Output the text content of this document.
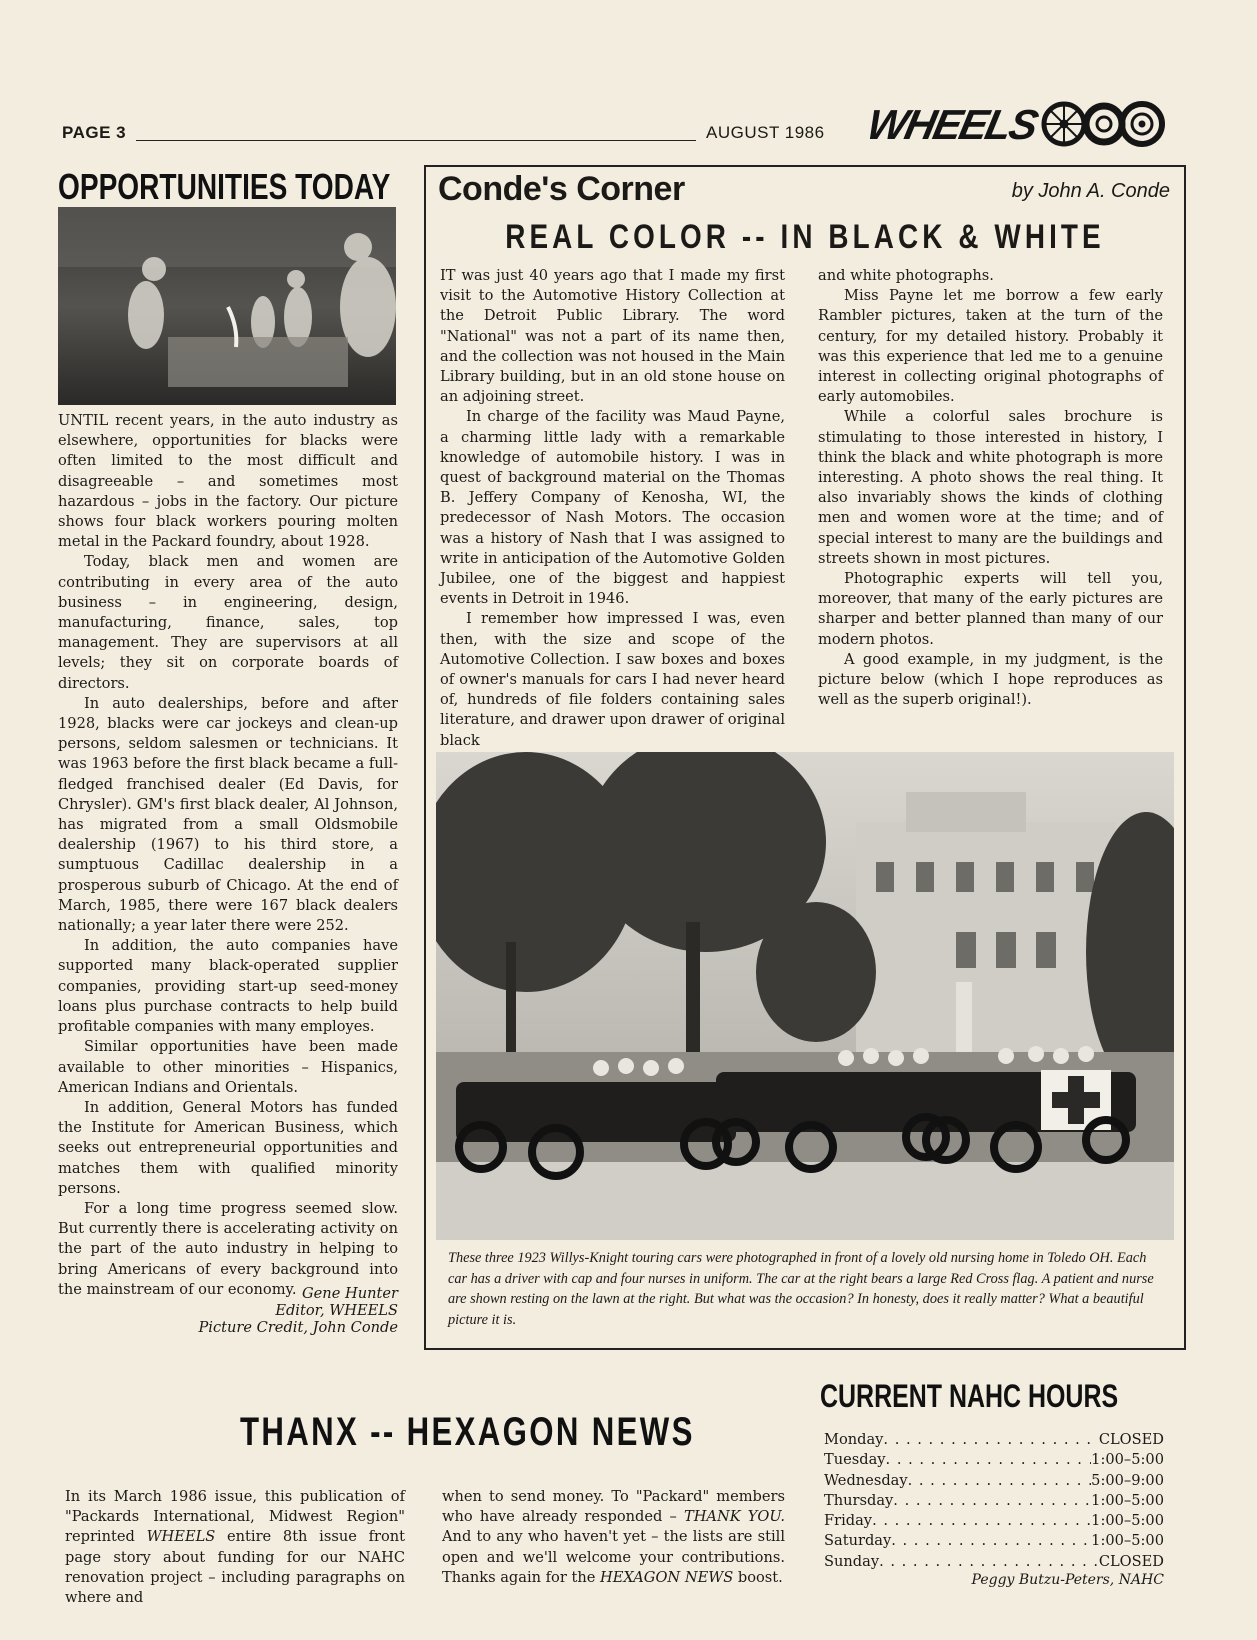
PAGE 3	AUGUST 1986 WHEELS
OPPORTUNITIES TODAY

UNTIL recent years, in the auto industry as elsewhere, opportunities for blacks were often limited to the most difficult and disagreeable – and sometimes most hazardous – jobs in the factory. Our picture shows four black workers pouring molten metal in the Packard foundry, about 1928.

Today, black men and women are contributing in every area of the auto business – in engineering, design, manufacturing, finance, sales, top management. They are supervisors at all levels; they sit on corporate boards of directors.

In auto dealerships, before and after 1928, blacks were car jockeys and clean-up persons, seldom salesmen or technicians. It was 1963 before the first black became a full-fledged franchised dealer (Ed Davis, for Chrysler). GM's first black dealer, Al Johnson, has migrated from a small Oldsmobile dealership (1967) to his third store, a sumptuous Cadillac dealership in a prosperous suburb of Chicago. At the end of March, 1985, there were 167 black dealers nationally; a year later there were 252.

In addition, the auto companies have supported many black-operated supplier companies, providing start-up seed-money loans plus purchase contracts to help build profitable companies with many employes.

Similar opportunities have been made available to other minorities – Hispanics, American Indians and Orientals.

In addition, General Motors has funded the Institute for American Business, which seeks out entrepreneurial opportunities and matches them with qualified minority persons.

For a long time progress seemed slow. But currently there is accelerating activity on the part of the auto industry in helping to bring Americans of every background into the mainstream of our economy. Gene Hunter
Editor, WHEELS
Picture Credit, John Conde
Conde's Corner	by John A. Conde
REAL COLOR -- IN BLACK & WHITE

IT was just 40 years ago that I made my first visit to the Automotive History Collection at the Detroit Public Library. The word "National" was not a part of its name then, and the collection was not housed in the Main Library building, but in an old stone house on an adjoining street.

In charge of the facility was Maud Payne, a charming little lady with a remarkable knowledge of automobile history. I was in quest of background material on the Thomas B. Jeffery Company of Kenosha, WI, the predecessor of Nash Motors. The occasion was a history of Nash that I was assigned to write in anticipation of the Automotive Golden Jubilee, one of the biggest and happiest events in Detroit in 1946.

I remember how impressed I was, even then, with the size and scope of the Automotive Collection. I saw boxes and boxes of owner's manuals for cars I had never heard of, hundreds of file folders containing sales literature, and drawer upon drawer of original black

and white photographs.

Miss Payne let me borrow a few early Rambler pictures, taken at the turn of the century, for my detailed history. Probably it was this experience that led me to a genuine interest in collecting original photographs of early automobiles.

While a colorful sales brochure is stimulating to those interested in history, I think the black and white photograph is more interesting. A photo shows the real thing. It also invariably shows the kinds of clothing men and women wore at the time; and of special interest to many are the buildings and streets shown in most pictures.

Photographic experts will tell you, moreover, that many of the early pictures are sharper and better planned than many of our modern photos.

A good example, in my judgment, is the picture below (which I hope reproduces as well as the superb original!).

These three 1923 Willys-Knight touring cars were photographed in front of a lovely old nursing home in Toledo OH. Each car has a driver with cap and four nurses in uniform. The car at the right bears a large Red Cross flag. A patient and nurse are shown resting on the lawn at the right. But what was the occasion? In honesty, does it really matter? What a beautiful picture it is.
THANX -- HEXAGON NEWS
In its March 1986 issue, this publication of "Packards International, Midwest Region" reprinted WHEELS entire 8th issue front page story about funding for our NAHC renovation project – including paragraphs on where and
when to send money. To "Packard" members who have already responded – THANK YOU. And to any who haven't yet – the lists are still open and we'll welcome your contributions. Thanks again for the HEXAGON NEWS boost.
CURRENT NAHC HOURS
Monday . . .	CLOSED
Tuesday . . .	1:00–5:00
Wednesday . . .	5:00–9:00
Thursday . . .	1:00–5:00
Friday . . .	1:00–5:00
Saturday . . .	1:00–5:00
Sunday . . .	CLOSED
Peggy Butzu-Peters, NAHC
